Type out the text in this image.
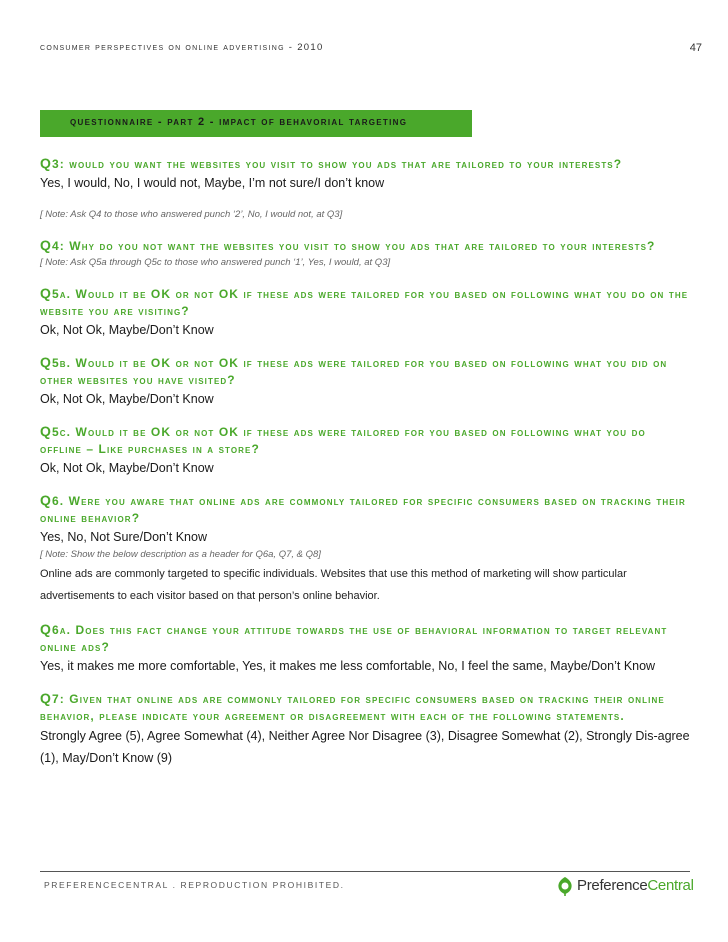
consumer perspectives on online advertising - 2010	47
questionnaire - part 2 - impact of behavorial targeting

Q3: would you want the websites you visit to show you ads that are tailored to your interests?

Yes, I would, No, I would not, Maybe, I’m not sure/I don’t know

[ Note: Ask Q4 to those who answered punch ‘2’, No, I would not, at Q3]

Q4: Why do you not want the websites you visit to show you ads that are tailored to your interests?

[ Note: Ask Q5a through Q5c to those who answered punch ‘1’, Yes, I would, at Q3]

Q5a. Would it be OK or not OK if these ads were tailored for you based on following what you do on the website you are visiting?

Ok, Not Ok, Maybe/Don’t Know

Q5b. Would it be OK or not OK if these ads were tailored for you based on following what you did on other websites you have visited?

Ok, Not Ok, Maybe/Don’t Know

Q5c. Would it be OK or not OK if these ads were tailored for you based on following what you do offline – Like purchases in a store?

Ok, Not Ok, Maybe/Don’t Know

Q6. Were you aware that online ads are commonly tailored for specific consumers based on tracking their online behavior?

Yes, No, Not Sure/Don’t Know

[ Note: Show the below description as a header for Q6a, Q7, & Q8]

Online ads are commonly targeted to specific individuals. Websites that use this method of marketing will show particular advertisements to each visitor based on that person’s online behavior.

Q6a. Does this fact change your attitude towards the use of behavioral information to target relevant online ads?

Yes, it makes me more comfortable, Yes, it makes me less comfortable, No, I feel the same, Maybe/Don’t Know

Q7: Given that online ads are commonly tailored for specific consumers based on tracking their online behavior, please indicate your agreement or disagreement with each of the following statements.

Strongly Agree (5), Agree Somewhat (4), Neither Agree Nor Disagree (3), Disagree Somewhat (2), Strongly Dis-agree (1), May/Don’t Know (9)

PREFERENCECENTRAL . REPRODUCTION PROHIBITED.	PreferenceCentral
